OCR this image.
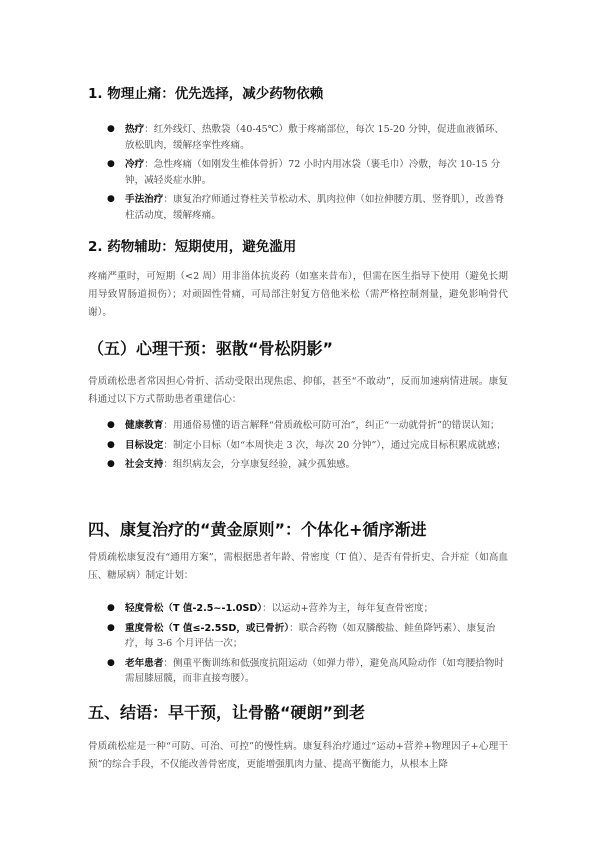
1. 物理止痛：优先选择，减少药物依赖
● 热疗：红外线灯、热敷袋（40-45℃）敷于疼痛部位，每次 15-20 分钟，促进血液循环、放松肌肉，缓解痉挛性疼痛。
● 冷疗：急性疼痛（如刚发生椎体骨折）72 小时内用冰袋（裹毛巾）冷敷，每次 10-15 分钟，减轻炎症水肿。
● 手法治疗：康复治疗师通过脊柱关节松动术、肌肉拉伸（如拉伸腰方肌、竖脊肌），改善脊柱活动度，缓解疼痛。
2. 药物辅助：短期使用，避免滥用
疼痛严重时，可短期（<2 周）用非甾体抗炎药（如塞来昔布），但需在医生指导下使用（避免长期用导致胃肠道损伤）；对顽固性骨痛，可局部注射复方倍他米松（需严格控制剂量，避免影响骨代谢）。
（五）心理干预：驱散“骨松阴影”
骨质疏松患者常因担心骨折、活动受限出现焦虑、抑郁，甚至“不敢动”，反而加速病情进展。康复科通过以下方式帮助患者重建信心：
● 健康教育：用通俗易懂的语言解释“骨质疏松可防可治”，纠正“一动就骨折”的错误认知；
● 目标设定：制定小目标（如“本周快走 3 次，每次 20 分钟”），通过完成目标积累成就感；
● 社会支持：组织病友会，分享康复经验，减少孤独感。
四、康复治疗的“黄金原则”：个体化+循序渐进
骨质疏松康复没有“通用方案”，需根据患者年龄、骨密度（T 值）、是否有骨折史、合并症（如高血压、糖尿病）制定计划：
● 轻度骨松（T 值-2.5~-1.0SD）：以运动+营养为主，每年复查骨密度；
● 重度骨松（T 值≤-2.5SD，或已骨折）：联合药物（如双膦酸盐、鲑鱼降钙素）、康复治疗，每 3-6 个月评估一次；
● 老年患者：侧重平衡训练和低强度抗阻运动（如弹力带），避免高风险动作（如弯腰拾物时需屈膝屈髋，而非直接弯腰）。
五、结语：早干预，让骨骼“硬朗”到老
骨质疏松症是一种“可防、可治、可控”的慢性病。康复科治疗通过“运动+营养+物理因子+心理干预”的综合手段，不仅能改善骨密度，更能增强肌肉力量、提高平衡能力，从根本上降
